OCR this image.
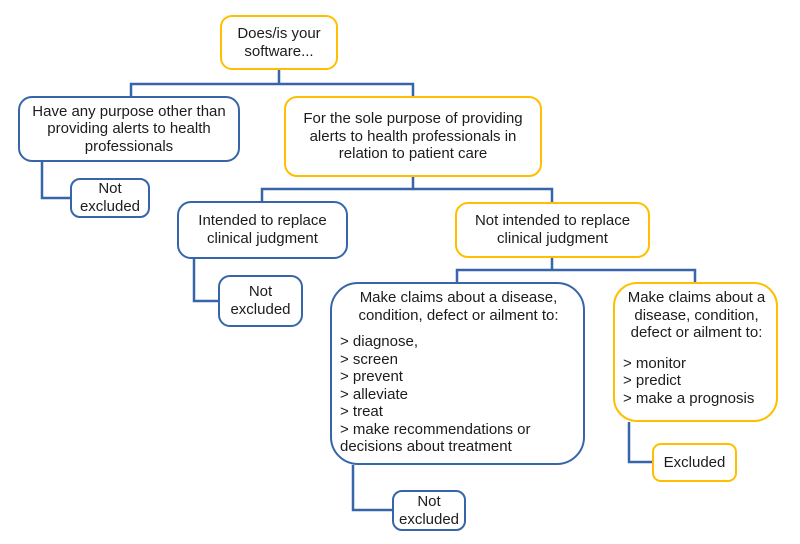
Does/is your software...
Have any purpose other than providing alerts to health professionals
Not excluded
For the sole purpose of providing alerts to health professionals in relation to patient care
Intended to replace clinical judgment
Not excluded
Not intended to replace clinical judgment
Make claims about a disease, condition, defect or ailment to:
> diagnose,
> screen
> prevent
> alleviate
> treat
> make recommendations or decisions about treatment
Not excluded
Make claims about a disease, condition, defect or ailment to:
> monitor
> predict
> make a prognosis
Excluded
